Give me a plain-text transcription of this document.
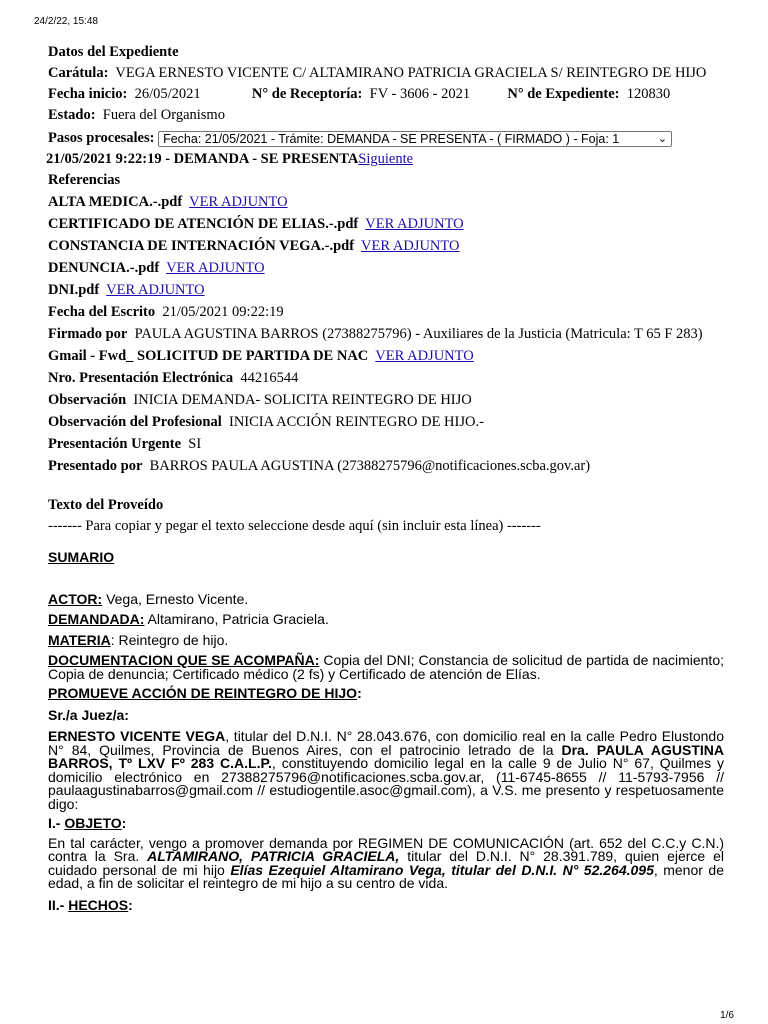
24/2/22, 15:48
Datos del Expediente
Carátula: VEGA ERNESTO VICENTE C/ ALTAMIRANO PATRICIA GRACIELA S/ REINTEGRO DE HIJO
Fecha inicio: 26/05/2021	N° de Receptoría: FV - 3606 - 2021	N° de Expediente: 120830
Estado: Fuera del Organismo
Pasos procesales: Fecha: 21/05/2021 - Trámite: DEMANDA - SE PRESENTA - ( FIRMADO ) - Foja: 1	⌄
21/05/2021 9:22:19 - DEMANDA - SE PRESENTASiguiente
Referencias
ALTA MEDICA.-.pdf VER ADJUNTO
CERTIFICADO DE ATENCIÓN DE ELIAS.-.pdf VER ADJUNTO
CONSTANCIA DE INTERNACIÓN VEGA.-.pdf VER ADJUNTO
DENUNCIA.-.pdf VER ADJUNTO
DNI.pdf VER ADJUNTO
Fecha del Escrito 21/05/2021 09:22:19
Firmado por PAULA AGUSTINA BARROS (27388275796) - Auxiliares de la Justicia (Matricula: T 65 F 283)
Gmail - Fwd_ SOLICITUD DE PARTIDA DE NAC VER ADJUNTO
Nro. Presentación Electrónica 44216544
Observación INICIA DEMANDA- SOLICITA REINTEGRO DE HIJO
Observación del Profesional INICIA ACCIÓN REINTEGRO DE HIJO.-
Presentación Urgente SI
Presentado por BARROS PAULA AGUSTINA (27388275796@notificaciones.scba.gov.ar)
Texto del Proveído
------- Para copiar y pegar el texto seleccione desde aquí (sin incluir esta línea) -------

SUMARIO

ACTOR: Vega, Ernesto Vicente.

DEMANDADA: Altamirano, Patricia Graciela.

MATERIA: Reintegro de hijo.

DOCUMENTACION QUE SE ACOMPAÑA: Copia del DNI; Constancia de solicitud de partida de nacimiento; Copia de denuncia; Certificado médico (2 fs) y Certificado de atención de Elías.

PROMUEVE ACCIÓN DE REINTEGRO DE HIJO:

Sr./a Juez/a:

ERNESTO VICENTE VEGA, titular del D.N.I. N° 28.043.676, con domicilio real en la calle Pedro Elustondo N° 84, Quilmes, Provincia de Buenos Aires, con el patrocinio letrado de la Dra. PAULA AGUSTINA BARROS, Tº LXV Fº 283 C.A.L.P., constituyendo domicilio legal en la calle 9 de Julio N° 67, Quilmes y domicilio electrónico en 27388275796@notificaciones.scba.gov.ar, (11-6745-8655 // 11-5793-7956 // paulaagustinabarros@gmail.com // estudiogentile.asoc@gmail.com), a V.S. me presento y respetuosamente digo:

I.- OBJETO:

En tal carácter, vengo a promover demanda por REGIMEN DE COMUNICACIÓN (art. 652 del C.C.y C.N.) contra la Sra. ALTAMIRANO, PATRICIA GRACIELA, titular del D.N.I. N° 28.391.789, quien ejerce el cuidado personal de mi hijo Elías Ezequiel Altamirano Vega, titular del D.N.I. N° 52.264.095, menor de edad, a fin de solicitar el reintegro de mi hijo a su centro de vida.

II.- HECHOS:

1/6
